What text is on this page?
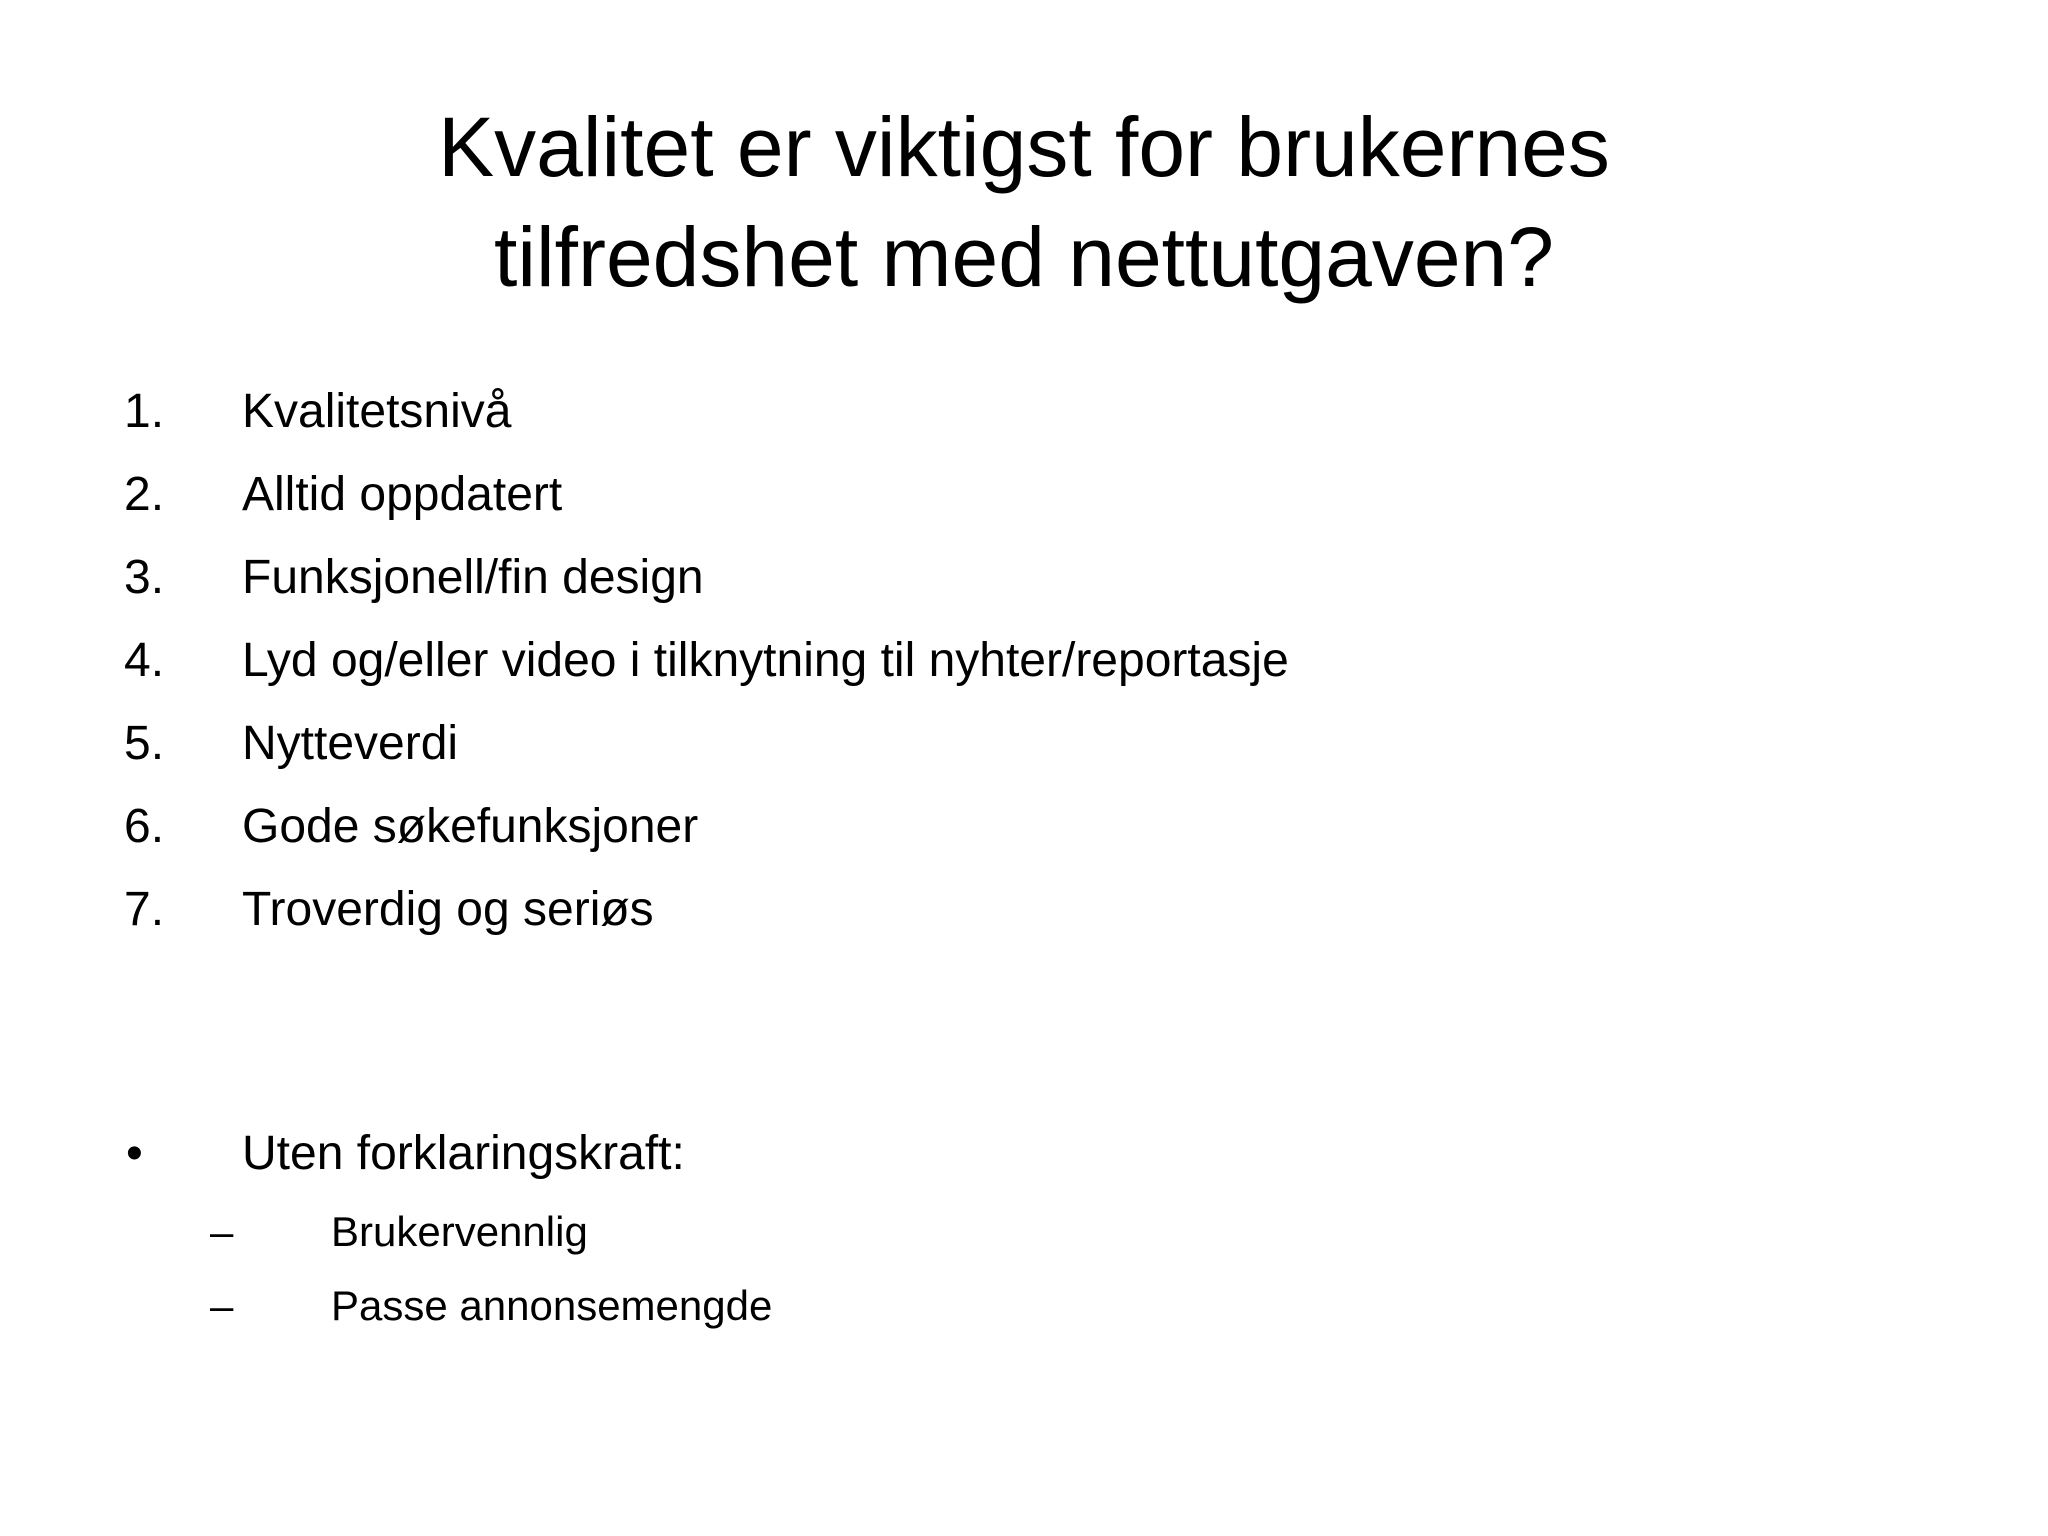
Kvalitet er viktigst for brukernes
tilfredshet med nettutgaven?
1. Kvalitetsnivå
2. Alltid oppdatert
3. Funksjonell/fin design
4. Lyd og/eller video i tilknytning til nyhter/reportasje
5. Nytteverdi
6. Gode søkefunksjoner
7. Troverdig og seriøs
• Uten forklaringskraft:
– Brukervennlig
– Passe annonsemengde
